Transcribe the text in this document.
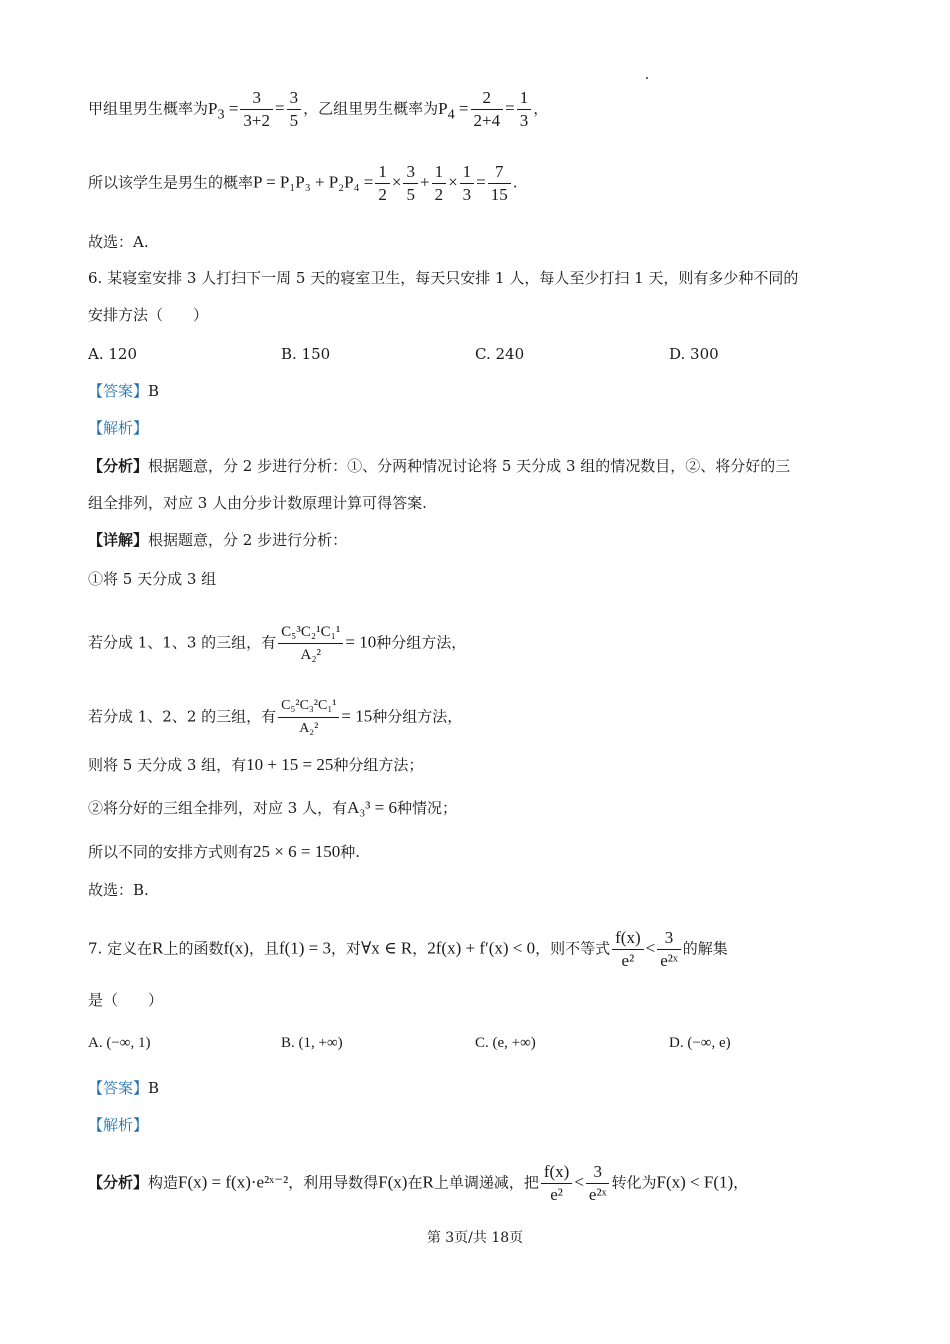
甲组里男生概率为$P_3 = \frac{3}{3+2} = \frac{3}{5}$ ，乙组里男生概率为$P_4 = \frac{2}{2+4} = \frac{1}{3}$ ，
所以该学生是男生的概率$P = P_1P_3 + P_2P_4 = \frac{1}{2} \times \frac{3}{5} + \frac{1}{2} \times \frac{1}{3} = \frac{7}{15}$ .
故选：A.
6. 某寝室安排 3 人打扫下一周 5 天的寝室卫生，每天只安排 1 人，每人至少打扫 1 天，则有多少种不同的
安排方法（　　）
A. 120	B. 150	C. 240	D. 300
【答案】B
【解析】
【分析】根据题意，分 2 步进行分析：①、分两种情况讨论将 5 天分成 3 组的情况数目，②、将分好的三
组全排列，对应 3 人由分步计数原理计算可得答案.
【详解】根据题意，分 2 步进行分析：
①将 5 天分成 3 组
若分成 1、1、3 的三组，有 $\frac{\text{C₅³C₂¹C₁¹}}{\text{A₂²}} = 10$种分组方法，
若分成 1、2、2 的三组，有 $\frac{\text{C₅²C₃²C₁¹}}{\text{A₂²}} = 15$种分组方法，
则将 5 天分成 3 组，有10 + 15 = 25种分组方法；
②将分好的三组全排列，对应 3 人，有A₃³ = 6种情况；
所以不同的安排方式则有25 × 6 = 150种.
故选：B.
7. 定义在R上的函数f(x)，且f(1) = 3，对∀x ∈ R，2f(x) + f′(x) < 0，则不等式 $\frac{f(x)}{\text{e²}} < \frac{3}{\text{e²ˣ}}$ 的解集
是（　　）
A. (−∞, 1)	B. (1, +∞)	C. (e, +∞)	D. (−∞, e)
【答案】B
【解析】
【分析】构造F(x) = f(x)·e²ˣ⁻²，利用导数得F(x)在R上单调递减，把 $\frac{f(x)}{\text{e²}} < \frac{3}{\text{e²ˣ}}$ 转化为F(x) < F(1)，
第 3页/共 18页
